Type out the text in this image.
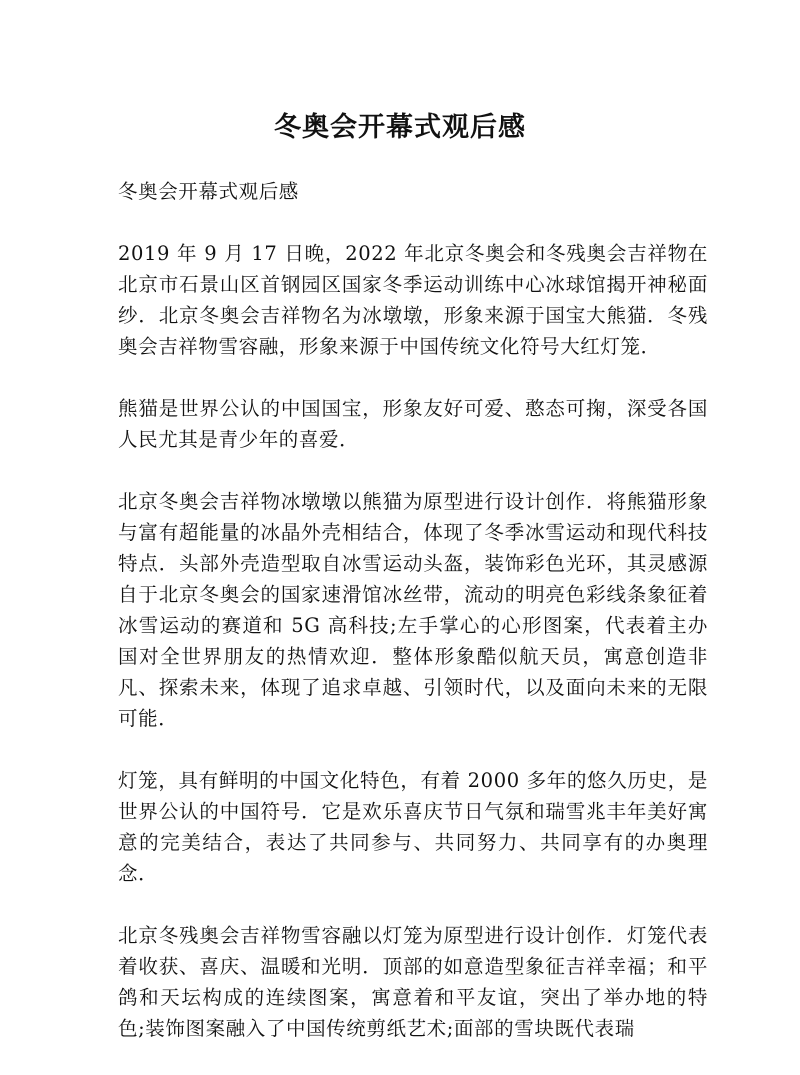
冬奥会开幕式观后感

冬奥会开幕式观后感

2019 年 9 月 17 日晚，2022 年北京冬奥会和冬残奥会吉祥物在北京市石景山区首钢园区国家冬季运动训练中心冰球馆揭开神秘面纱．北京冬奥会吉祥物名为冰墩墩，形象来源于国宝大熊猫．冬残奥会吉祥物雪容融，形象来源于中国传统文化符号大红灯笼．

熊猫是世界公认的中国国宝，形象友好可爱、憨态可掬，深受各国人民尤其是青少年的喜爱．

北京冬奥会吉祥物冰墩墩以熊猫为原型进行设计创作．将熊猫形象与富有超能量的冰晶外壳相结合，体现了冬季冰雪运动和现代科技特点．头部外壳造型取自冰雪运动头盔，装饰彩色光环，其灵感源自于北京冬奥会的国家速滑馆冰丝带，流动的明亮色彩线条象征着冰雪运动的赛道和 5G 高科技;左手掌心的心形图案，代表着主办国对全世界朋友的热情欢迎．整体形象酷似航天员，寓意创造非凡、探索未来，体现了追求卓越、引领时代，以及面向未来的无限可能．

灯笼，具有鲜明的中国文化特色，有着 2000 多年的悠久历史，是世界公认的中国符号．它是欢乐喜庆节日气氛和瑞雪兆丰年美好寓意的完美结合，表达了共同参与、共同努力、共同享有的办奥理念．

北京冬残奥会吉祥物雪容融以灯笼为原型进行设计创作．灯笼代表着收获、喜庆、温暖和光明．顶部的如意造型象征吉祥幸福；和平鸽和天坛构成的连续图案，寓意着和平友谊，突出了举办地的特色;装饰图案融入了中国传统剪纸艺术;面部的雪块既代表瑞
